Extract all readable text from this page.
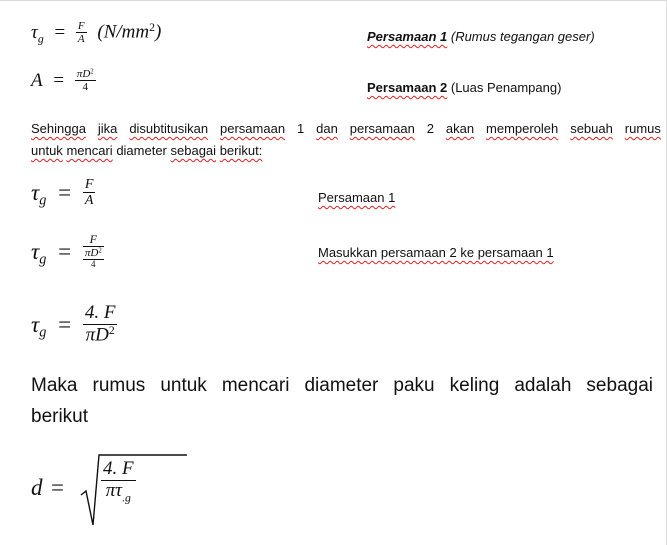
$\tau_g = \frac{F}{A} (N/mm^2)$	Persamaan 1 (Rumus tegangan geser)
$A = \frac{\pi D^2}{4}$	Persamaan 2 (Luas Penampang)
Sehingga jika disubtitusikan persamaan 1 dan persamaan 2 akan memperoleh sebuah rumus
untuk mencari diameter sebagai berikut:
$\tau_g = \frac{F}{A}$	Persamaan 1
$\tau_g = \frac{F}{\frac{\pi D^2}{4}}$	Masukkan persamaan 2 ke persamaan 1
$\tau_g = \frac{4. F}{\pi D^2}$
Maka rumus untuk mencari diameter paku keling adalah sebagai
berikut
d =
4. F
$\pi\tau_{.g}$
